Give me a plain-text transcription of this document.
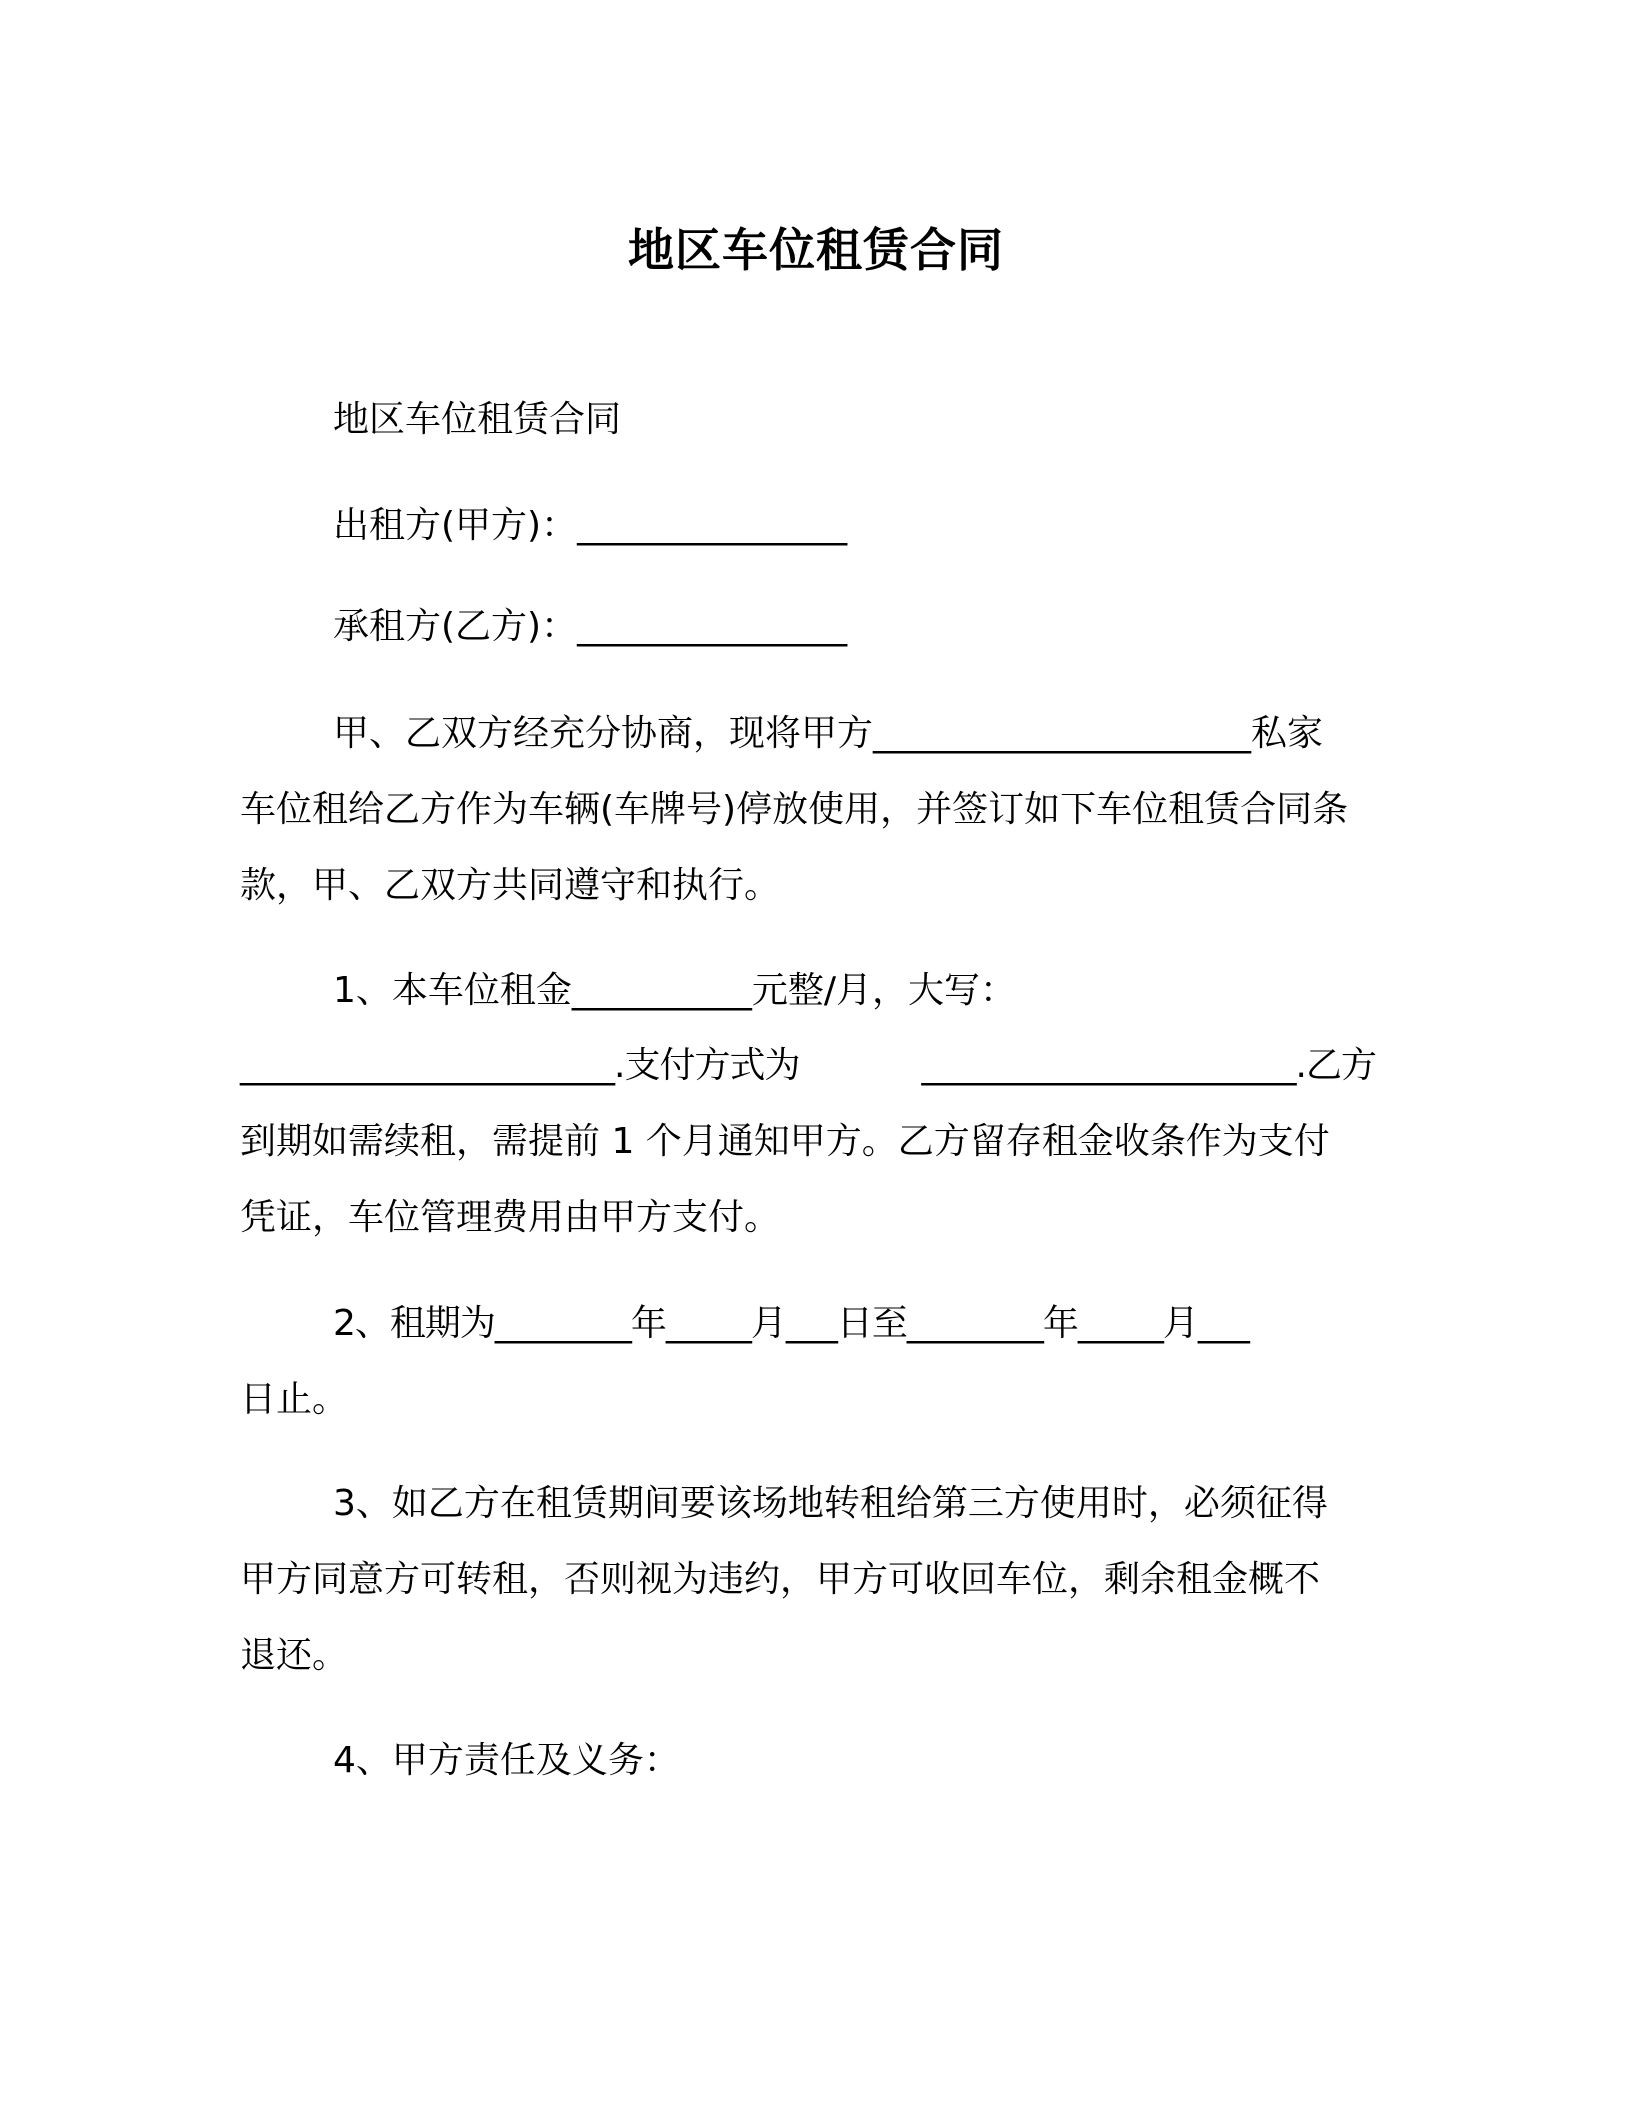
地区车位租赁合同
地区车位租赁合同
出租方(甲方)：_______________
承租方(乙方)：_______________
甲、乙双方经充分协商，现将甲方_____________________私家
车位租给乙方作为车辆(车牌号)停放使用，并签订如下车位租赁合同条
款，甲、乙双方共同遵守和执行。
1、本车位租金__________元整/月，大写：
______________________.支付方式为	______________________.乙方
到期如需续租，需提前 1 个月通知甲方。乙方留存租金收条作为支付
凭证，车位管理费用由甲方支付。
2、租期为________年_____月___日至________年_____月___
日止。
3、如乙方在租赁期间要该场地转租给第三方使用时，必须征得
甲方同意方可转租，否则视为违约，甲方可收回车位，剩余租金概不
退还。
4、甲方责任及义务：
